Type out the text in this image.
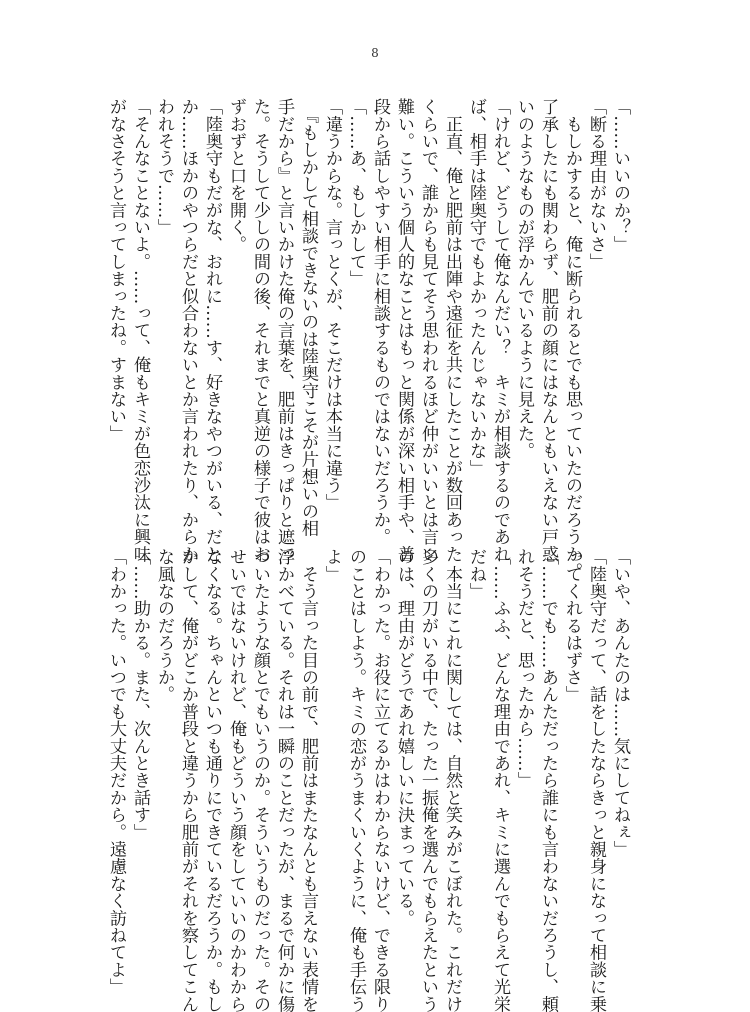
8
「……いいのか？」
「断る理由がないさ」
　もしかすると、俺に断られるとでも思っていたのだろうか。
了承したにも関わらず、肥前の顔にはなんともいえない戸惑
いのようなものが浮かんでいるように見えた。
「けれど、どうして俺なんだい？　キミが相談するのであれ
ば、相手は陸奥守でもよかったんじゃないかな」
　正直、俺と肥前は出陣や遠征を共にしたことが数回あった
くらいで、誰からも見てそう思われるほど仲がいいとは言い
難い。こういう個人的なことはもっと関係が深い相手や、普
段から話しやすい相手に相談するものではないだろうか。
「……あ、もしかして」
「違うからな。言っとくが、そこだけは本当に違う」
　『もしかして相談できないのは陸奥守こそが片想いの相
手だから』と言いかけた俺の言葉を、肥前はきっぱりと遮っ
た。そうして少しの間の後、それまでと真逆の様子で彼はお
ずおずと口を開く。
「陸奥守もだがな、おれに……す、好きなやつがいる、だと
か……ほかのやつらだと似合わないとか言われたり、からか
われそうで……」
「そんなことないよ。……って、俺もキミが色恋沙汰に興味
がなさそうと言ってしまったね。すまない」
「いや、あんたのは……気にしてねぇ」
「陸奥守だって、話をしたならきっと親身になって相談に乗
ってくれるはずさ」
「……でも……あんただったら誰にも言わないだろうし、頼
れそうだと、思ったから……」
「……ふふ、どんな理由であれ、キミに選んでもらえて光栄
だね」
　本当にこれに関しては、自然と笑みがこぼれた。これだけ
多くの刀がいる中で、たった一振俺を選んでもらえたという
のは、理由がどうであれ嬉しいに決まっている。
「わかった。お役に立てるかはわからないけど、できる限り
のことはしよう。キミの恋がうまくいくように、俺も手伝う
よ」
　そう言った目の前で、肥前はまたなんとも言えない表情を
浮かべている。それは一瞬のことだったが、まるで何かに傷
ついたような顔とでもいうのか。そういうものだった。その
せいではないけれど、俺もどういう顔をしていいのかわから
なくなる。ちゃんといつも通りにできているだろうか。もし
かして、俺がどこか普段と違うから肥前がそれを察してこん
な風なのだろうか。
「……助かる。また、次んとき話す」
「わかった。いつでも大丈夫だから。遠慮なく訪ねてよ」
